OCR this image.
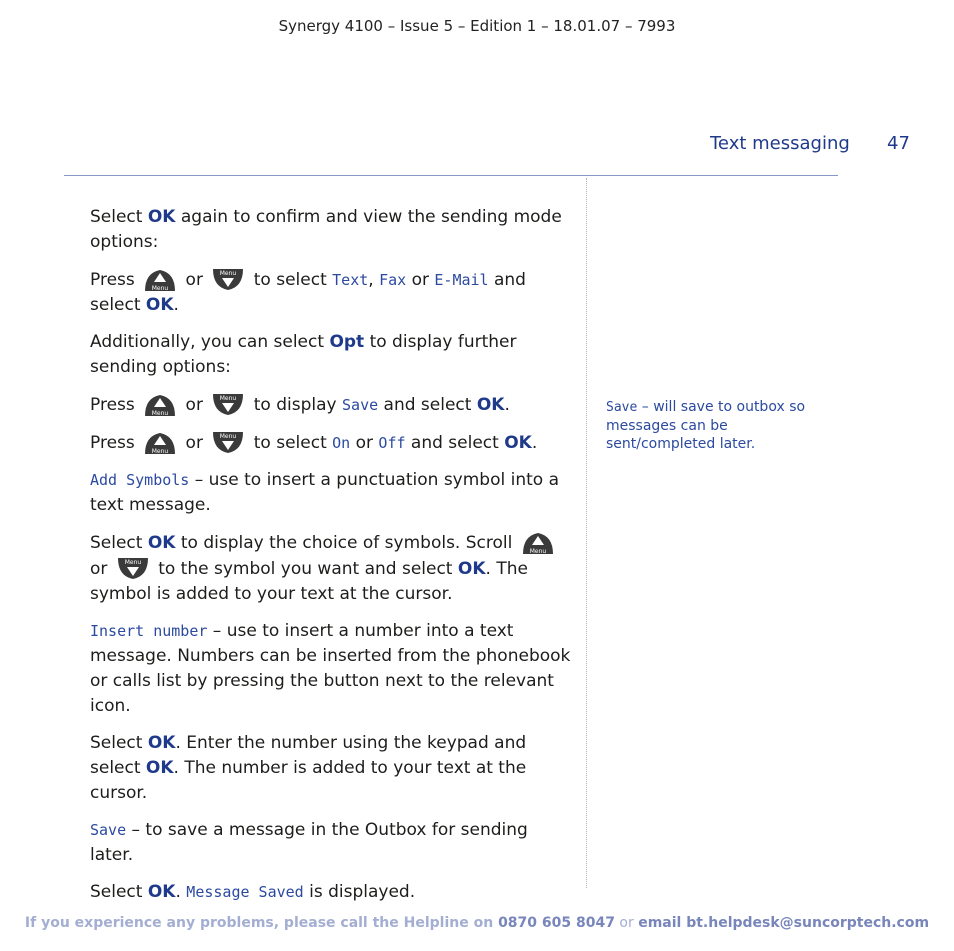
Synergy 4100 – Issue 5 – Edition 1 – 18.01.07 – 7993
Text messaging 47

Select OK again to confirm and view the sending mode options:

Press Menu or Menu to select Text, Fax or E-Mail and select OK.

Additionally, you can select Opt to display further sending options:

Press Menu or Menu to display Save and select OK.

Press Menu or Menu to select On or Off and select OK.

Add Symbols – use to insert a punctuation symbol into a text message.

Select OK to display the choice of symbols. Scroll Menu

or Menu to the symbol you want and select OK. The symbol is added to your text at the cursor.

Insert number – use to insert a number into a text message. Numbers can be inserted from the phonebook or calls list by pressing the button next to the relevant icon.

Select OK. Enter the number using the keypad and select OK. The number is added to your text at the cursor.

Save – to save a message in the Outbox for sending later.

Select OK. Message Saved is displayed.

Save – will save to outbox so messages can be sent/completed later.
If you experience any problems, please call the Helpline on 0870 605 8047 or email bt.helpdesk@suncorptech.com
